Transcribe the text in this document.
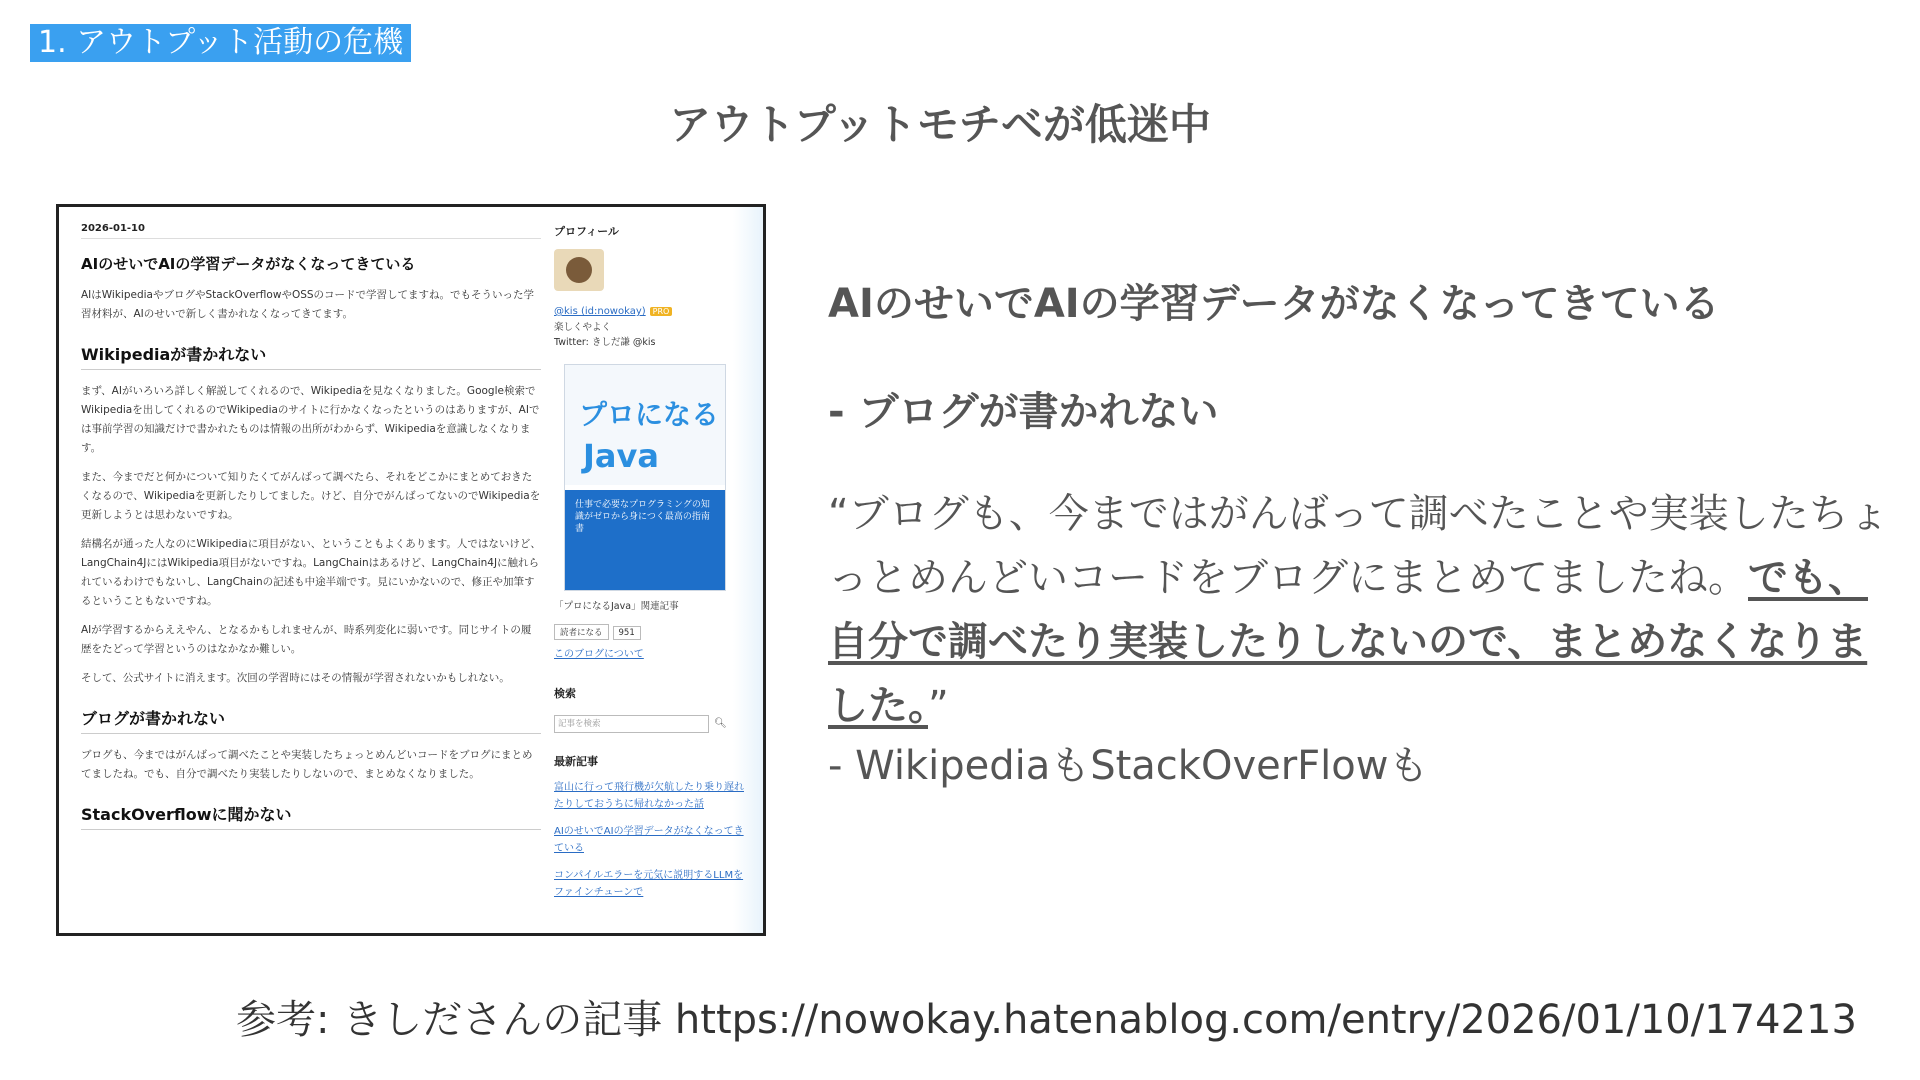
1. アウトプット活動の危機
アウトプットモチベが低迷中
2026-01-10
AIのせいでAIの学習データがなくなってきている

AIはWikipediaやブログやStackOverflowやOSSのコードで学習してますね。でもそういった学習材料が、AIのせいで新しく書かれなくなってきてます。

Wikipediaが書かれない

まず、AIがいろいろ詳しく解説してくれるので、Wikipediaを見なくなりました。Google検索でWikipediaを出してくれるのでWikipediaのサイトに行かなくなったというのはありますが、AIでは事前学習の知識だけで書かれたものは情報の出所がわからず、Wikipediaを意識しなくなります。

また、今までだと何かについて知りたくてがんばって調べたら、それをどこかにまとめておきたくなるので、Wikipediaを更新したりしてました。けど、自分でがんばってないのでWikipediaを更新しようとは思わないですね。

結構名が通った人なのにWikipediaに項目がない、ということもよくあります。人ではないけど、LangChain4JにはWikipedia項目がないですね。LangChainはあるけど、LangChain4Jに触れられているわけでもないし、LangChainの記述も中途半端です。見にいかないので、修正や加筆するということもないですね。

AIが学習するからええやん、となるかもしれませんが、時系列変化に弱いです。同じサイトの履歴をたどって学習というのはなかなか難しい。

そして、公式サイトに消えます。次回の学習時にはその情報が学習されないかもしれない。

ブログが書かれない

ブログも、今まではがんばって調べたことや実装したちょっとめんどいコードをブログにまとめてましたね。でも、自分で調べたり実装したりしないので、まとめなくなりました。

StackOverflowに聞かない
プロフィール
@kis (id:nowokay) PRO
楽しくやよく
Twitter: きしだ謙 @kis
プロになる
Java
仕事で必要なプログラミングの知識がゼロから身につく最高の指南書
「プロになるJava」関連記事
読者になる 951
このブログについて
検索
記事を検索	🔍︎
最新記事
富山に行って飛行機が欠航したり乗り遅れたりしておうちに帰れなかった話
AIのせいでAIの学習データがなくなってきている
コンパイルエラーを元気に説明するLLMをファインチューンで
AIのせいでAIの学習データがなくなってきている
- ブログが書かれない
“ブログも、今まではがんばって調べたことや実装したちょっとめんどいコードをブログにまとめてましたね。でも、自分で調べたり実装したりしないので、まとめなくなりました。”
- WikipediaもStackOverFlowも
参考: きしださんの記事 https://nowokay.hatenablog.com/entry/2026/01/10/174213
